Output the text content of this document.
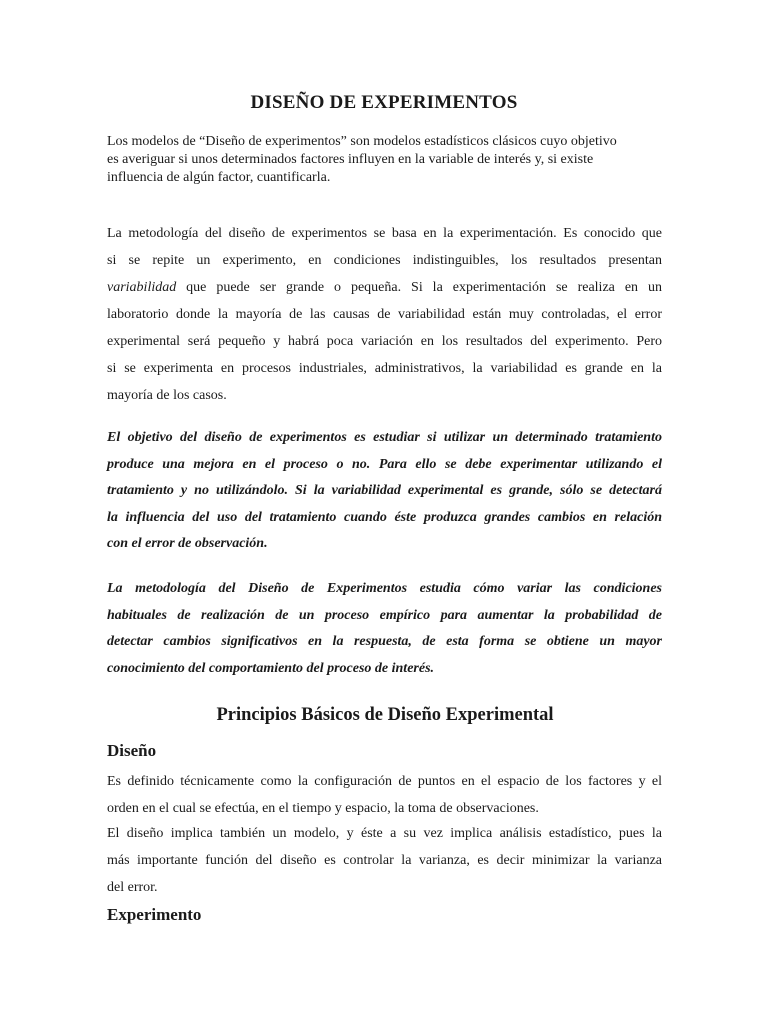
DISEÑO DE EXPERIMENTOS
Los modelos de “Diseño de experimentos” son modelos estadísticos clásicos cuyo objetivo
es averiguar si unos determinados factores influyen en la variable de interés y, si existe
influencia de algún factor, cuantificarla.
La metodología del diseño de experimentos se basa en la experimentación. Es conocido que
si se repite un experimento, en condiciones indistinguibles, los resultados presentan
variabilidad que puede ser grande o pequeña. Si la experimentación se realiza en un
laboratorio donde la mayoría de las causas de variabilidad están muy controladas, el error
experimental será pequeño y habrá poca variación en los resultados del experimento. Pero
si se experimenta en procesos industriales, administrativos, la variabilidad es grande en la
mayoría de los casos.
El objetivo del diseño de experimentos es estudiar si utilizar un determinado tratamiento
produce una mejora en el proceso o no. Para ello se debe experimentar utilizando el
tratamiento y no utilizándolo. Si la variabilidad experimental es grande, sólo se detectará
la influencia del uso del tratamiento cuando éste produzca grandes cambios en relación
con el error de observación.
La metodología del Diseño de Experimentos estudia cómo variar las condiciones
habituales de realización de un proceso empírico para aumentar la probabilidad de
detectar cambios significativos en la respuesta, de esta forma se obtiene un mayor
conocimiento del comportamiento del proceso de interés.
Principios Básicos de Diseño Experimental
Diseño
Es definido técnicamente como la configuración de puntos en el espacio de los factores y el
orden en el cual se efectúa, en el tiempo y espacio, la toma de observaciones.
El diseño implica también un modelo, y éste a su vez implica análisis estadístico, pues la
más importante función del diseño es controlar la varianza, es decir minimizar la varianza
del error.
Experimento
